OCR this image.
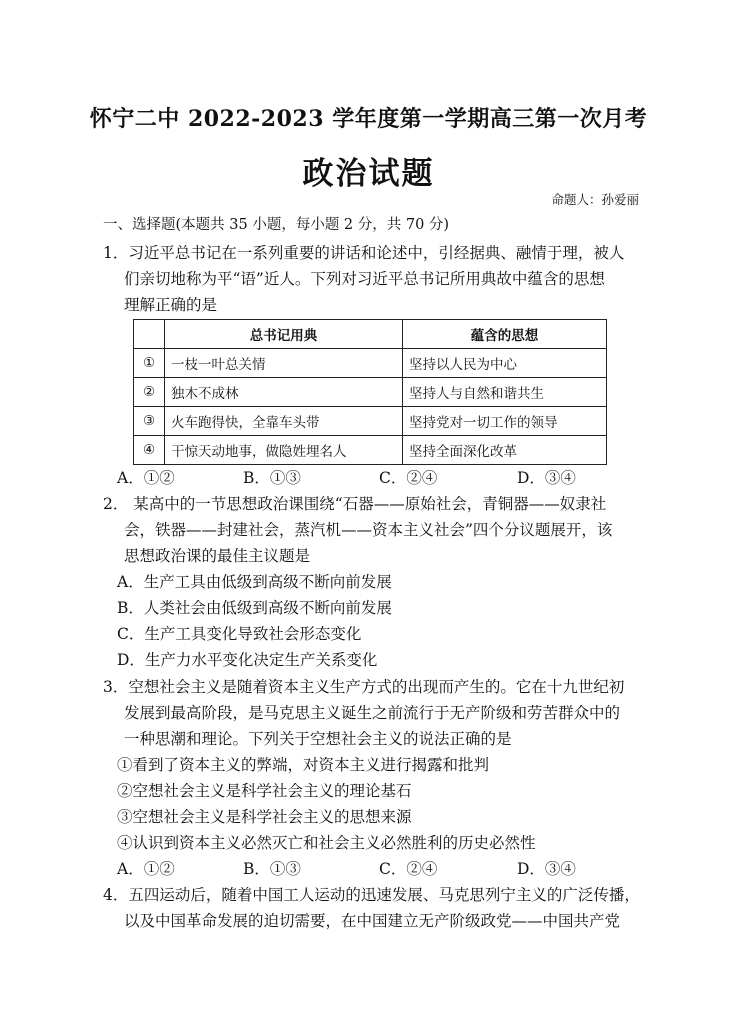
怀宁二中 2022-2023 学年度第一学期高三第一次月考
政治试题
命题人：孙爱丽
一、选择题(本题共 35 小题，每小题 2 分，共 70 分)
1．习近平总书记在一系列重要的讲话和论述中，引经据典、融情于理，被人
们亲切地称为平“语”近人。下列对习近平总书记所用典故中蕴含的思想
理解正确的是
	总书记用典	蕴含的思想
①	一枝一叶总关情	坚持以人民为中心
②	独木不成林	坚持人与自然和谐共生
③	火车跑得快，全靠车头带	坚持党对一切工作的领导
④	干惊天动地事，做隐姓埋名人	坚持全面深化改革
A．①②	B．①③	C．②④	D．③④
2． 某高中的一节思想政治课围绕“石器——原始社会，青铜器——奴隶社
会，铁器——封建社会，蒸汽机——资本主义社会”四个分议题展开，该
思想政治课的最佳主议题是
A．生产工具由低级到高级不断向前发展
B．人类社会由低级到高级不断向前发展
C．生产工具变化导致社会形态变化
D．生产力水平变化决定生产关系变化
3．空想社会主义是随着资本主义生产方式的出现而产生的。它在十九世纪初
发展到最高阶段，是马克思主义诞生之前流行于无产阶级和劳苦群众中的
一种思潮和理论。下列关于空想社会主义的说法正确的是
①看到了资本主义的弊端，对资本主义进行揭露和批判
②空想社会主义是科学社会主义的理论基石
③空想社会主义是科学社会主义的思想来源
④认识到资本主义必然灭亡和社会主义必然胜利的历史必然性
A．①②	B．①③	C．②④	D．③④
4．五四运动后，随着中国工人运动的迅速发展、马克思列宁主义的广泛传播，
以及中国革命发展的迫切需要，在中国建立无产阶级政党——中国共产党
